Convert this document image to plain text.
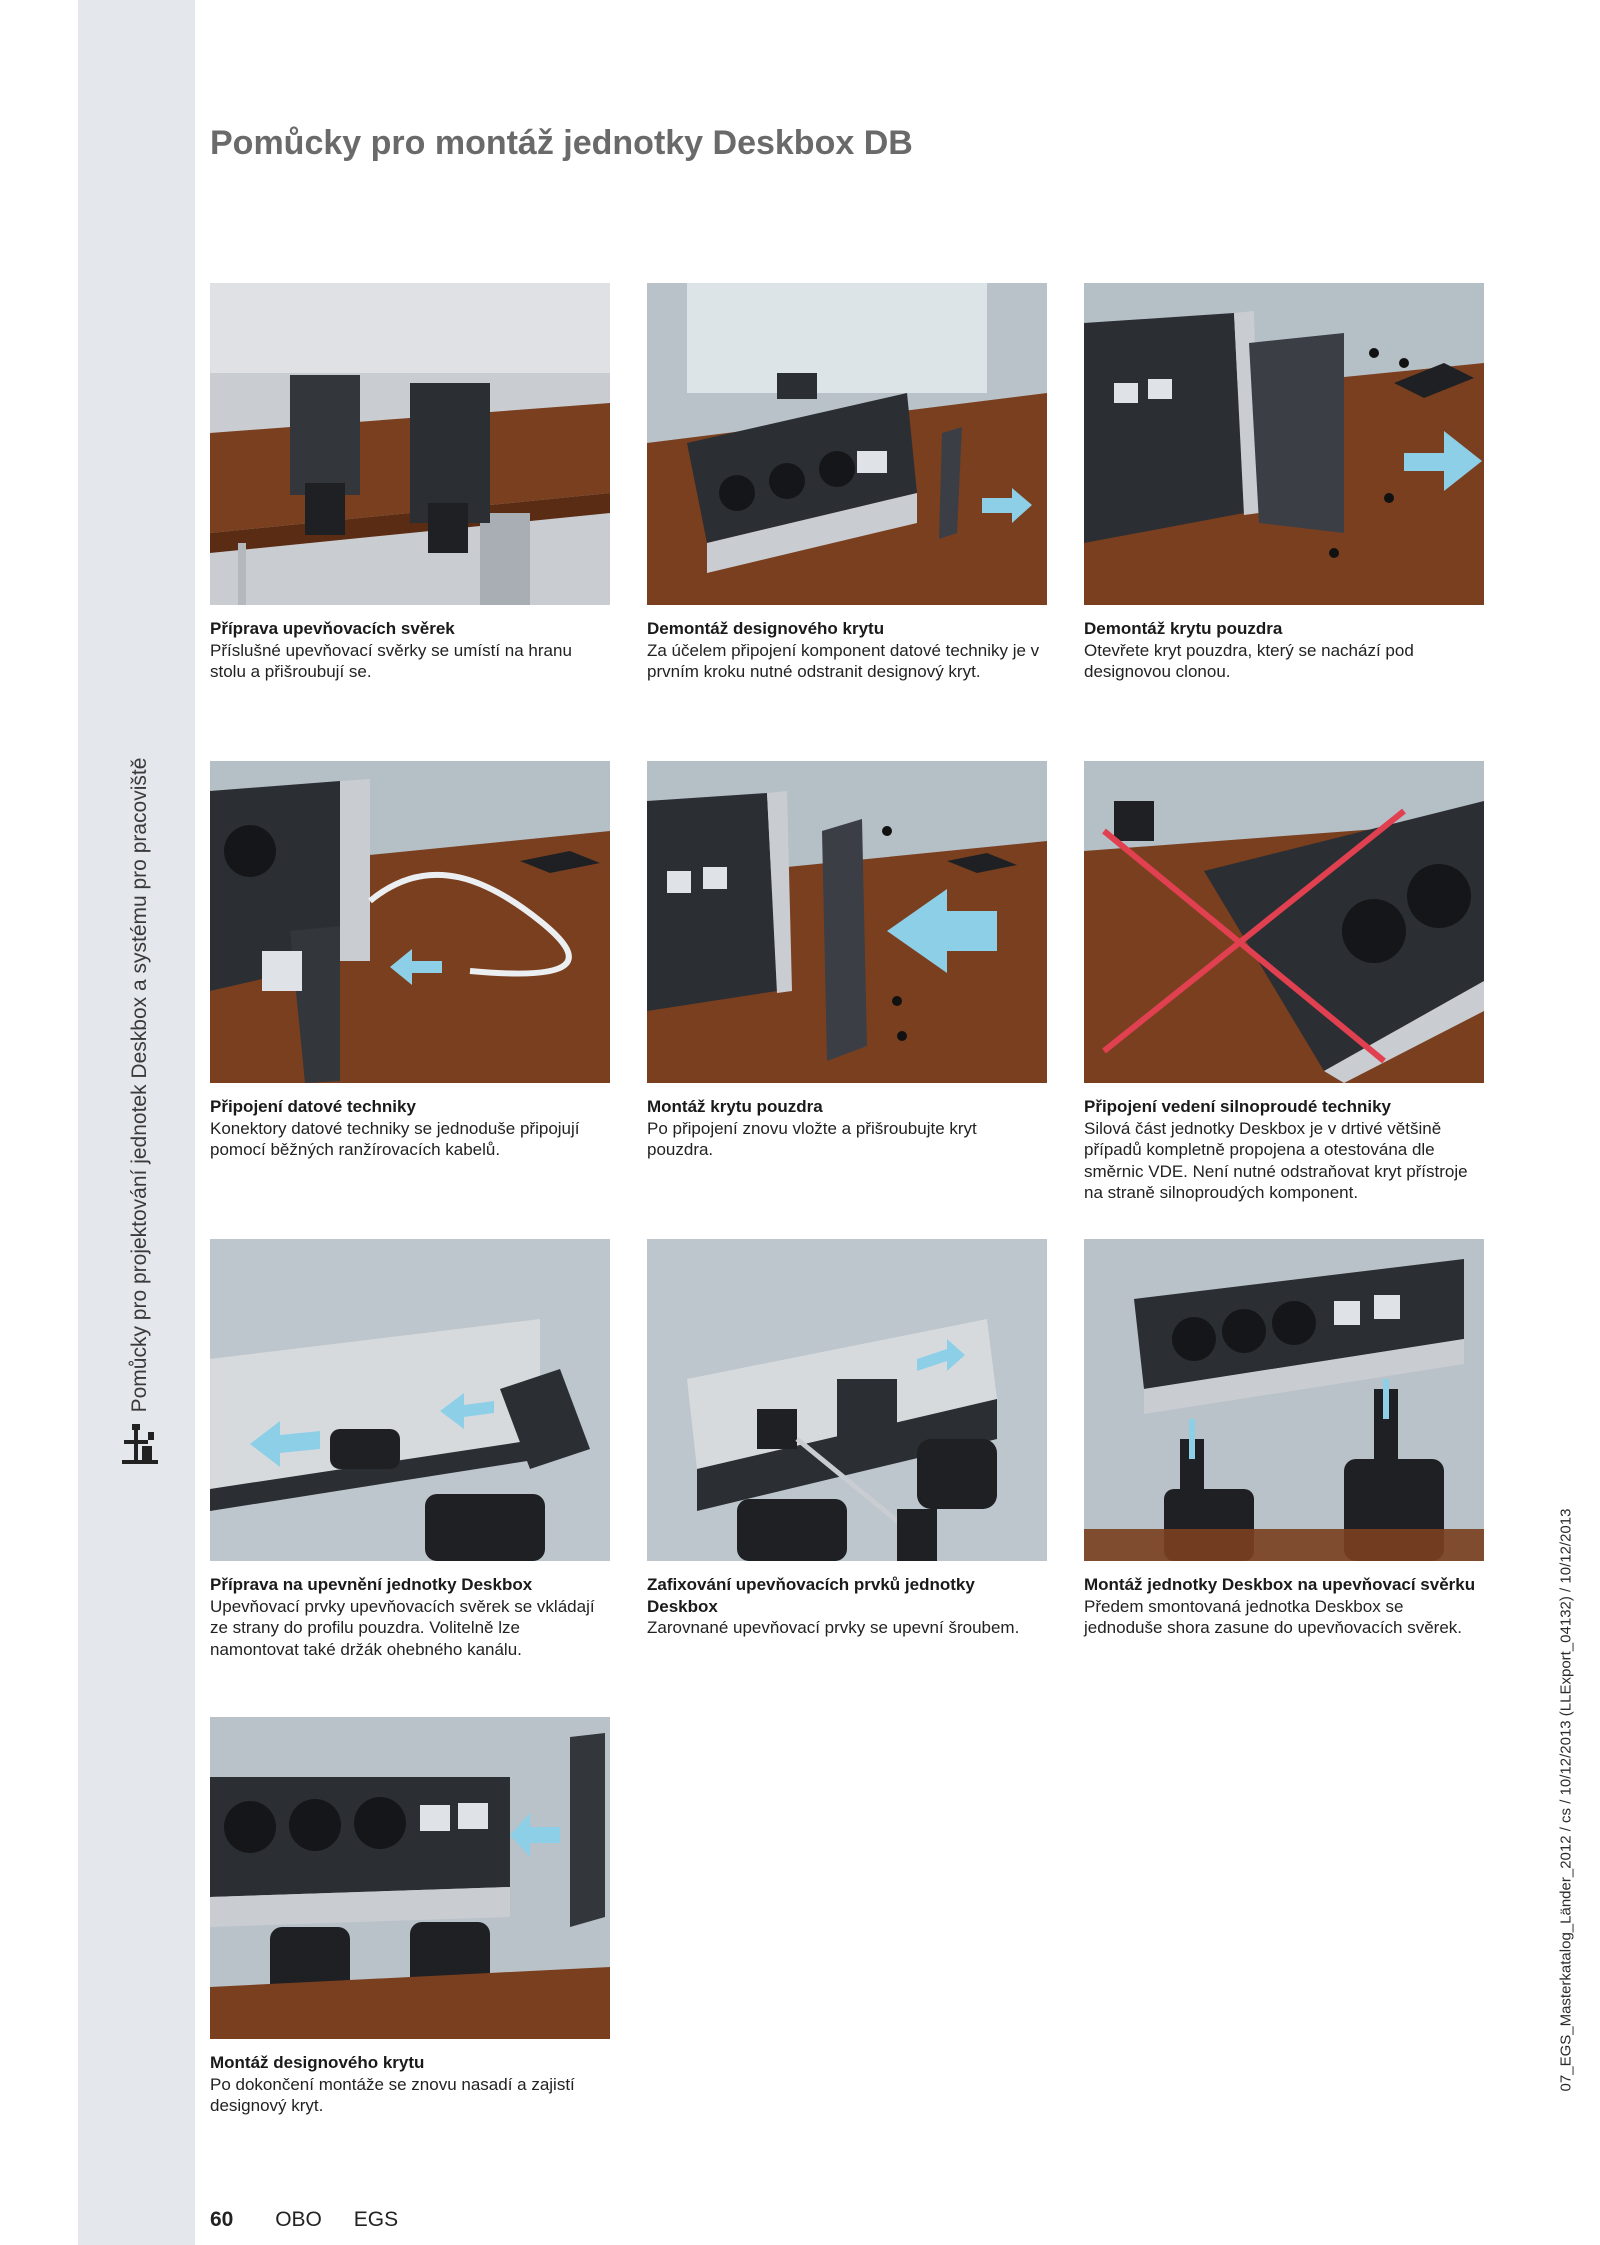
Pomůcky pro projektování jednotek Deskbox a systému pro pracoviště
Pomůcky pro montáž jednotky Deskbox DB
07_EGS_Masterkatalog_Länder_2012 / cs / 10/12/2013 (LLExport_04132) / 10/12/2013
Příprava upevňovacích svěrek
Příslušné upevňovací svěrky se umístí na hranu stolu a přišroubují se.
Demontáž designového krytu
Za účelem připojení komponent datové techniky je v prvním kroku nutné odstranit designový kryt.
Demontáž krytu pouzdra
Otevřete kryt pouzdra, který se nachází pod designovou clonou.
Připojení datové techniky
Konektory datové techniky se jednoduše připojují pomocí běžných ranžírovacích kabelů.
Montáž krytu pouzdra
Po připojení znovu vložte a přišroubujte kryt pouzdra.
Připojení vedení silnoproudé techniky
Silová část jednotky Deskbox je v drtivé většině případů kompletně propojena a otestována dle směrnic VDE. Není nutné odstraňovat kryt přístroje na straně silnoproudých komponent.
Příprava na upevnění jednotky Deskbox
Upevňovací prvky upevňovacích svěrek se vkládají ze strany do profilu pouzdra. Volitelně lze namontovat také držák ohebného kanálu.
Zafixování upevňovacích prvků jednotky Deskbox
Zarovnané upevňovací prvky se upevní šroubem.
Montáž jednotky Deskbox na upevňovací svěrku
Předem smontovaná jednotka Deskbox se jednoduše shora zasune do upevňovacích svěrek.
Montáž designového krytu
Po dokončení montáže se znovu nasadí a zajistí designový kryt.
60 OBO EGS
